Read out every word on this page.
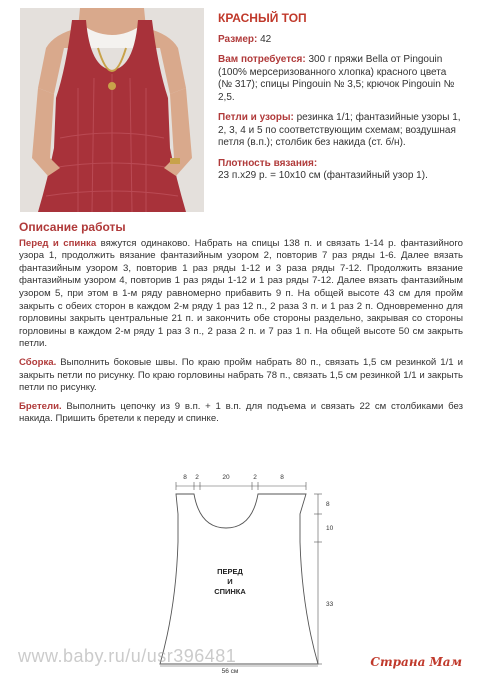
КРАСНЫЙ ТОП

Размер: 42

Вам потребуется: 300 г пряжи Bella от Pingouin (100% мерсеризованного хлопка) красного цвета (№ 317); спицы Pingouin № 3,5; крючок Pingouin № 2,5.

Петли и узоры: резинка 1/1; фантазийные узоры 1, 2, 3, 4 и 5 по соответствующим схемам; воздушная петля (в.п.); столбик без накида (ст. б/н).

Плотность вязания:
23 п.х29 р. = 10х10 см (фантазийный узор 1).

Описание работы

Перед и спинка вяжутся одинаково. Набрать на спицы 138 п. и связать 1-14 р. фантазийного узора 1, продолжить вязание фантазийным узором 2, повторив 7 раз ряды 1-6. Далее вязать фантазийным узором 3, повторив 1 раз ряды 1-12 и 3 раза ряды 7-12. Продолжить вязание фантазийным узором 4, повторив 1 раз ряды 1-12 и 1 раз ряды 7-12. Далее вязать фантазийным узором 5, при этом в 1-м ряду равномерно прибавить 9 п. На общей высоте 43 см для пройм закрыть с обеих сторон в каждом 2-м ряду 1 раз 12 п., 2 раза 3 п. и 1 раз 2 п. Одновременно для горловины закрыть центральные 21 п. и закончить обе стороны раздельно, закрывая со стороны горловины в каждом 2-м ряду 1 раз 3 п., 2 раза 2 п. и 7 раз 1 п. На общей высоте 50 см закрыть петли.

Сборка. Выполнить боковые швы. По краю пройм набрать 80 п., связать 1,5 см резинкой 1/1 и закрыть петли по рисунку. По краю горловины набрать 78 п., связать 1,5 см резинкой 1/1 и закрыть петли по рисунку.

Бретели. Выполнить цепочку из 9 в.п. + 1 в.п. для подъема и связать 22 см столбиками без накида. Пришить бретели к переду и спинке.

8 2	20	2	8
8
10
33
56 см
ПЕРЕД
И
СПИНКА
www.baby.ru/u/usr396481	Страна Мам
